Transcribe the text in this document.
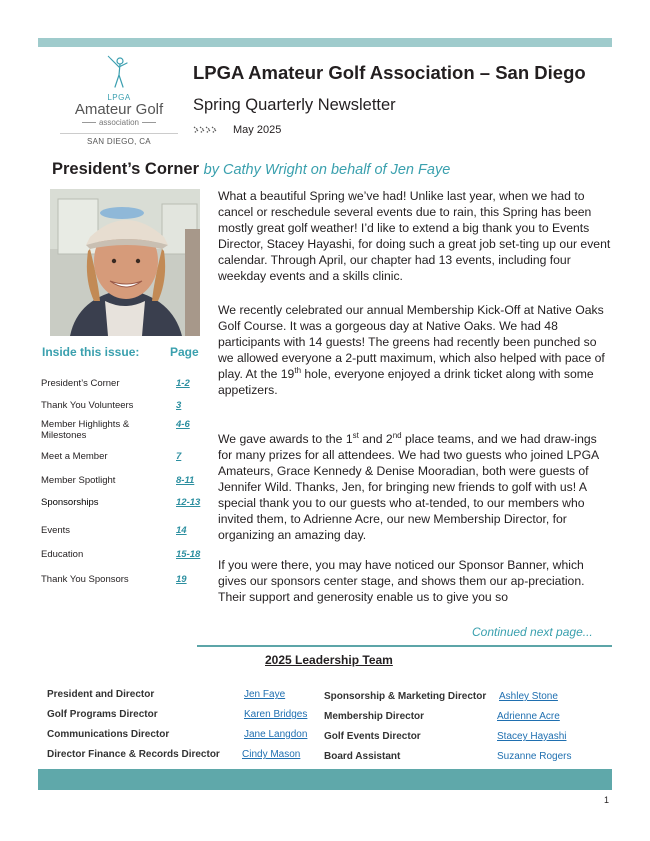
LPGA
Amateur Golf
association
SAN DIEGO, CA
LPGA Amateur Golf Association – San Diego
Spring Quarterly Newsletter
May 2025
President’s Corner by Cathy Wright on behalf of Jen Faye
Inside this issue:	Page
President’s Corner	1-2
Thank You Volunteers	3
Member Highlights & Milestones
4-6
Meet a Member	7
Member Spotlight	8-11
Sponsorships	12-13
Events	14
Education	15-18
Thank You Sponsors	19
What a beautiful Spring we’ve had! Unlike last year, when we had to cancel or reschedule several events due to rain, this Spring has been mostly great golf weather! I’d like to extend a big thank you to Events Director, Stacey Hayashi, for doing such a great job set-ting up our event calendar. Through April, our chapter had 13 events, including four weekday events and a skills clinic.
We recently celebrated our annual Membership Kick-Off at Native Oaks Golf Course. It was a gorgeous day at Native Oaks. We had 48 participants with 14 guests! The greens had recently been punched so we allowed everyone a 2-putt maximum, which also helped with pace of play. At the 19th hole, everyone enjoyed a drink ticket along with some appetizers.
We gave awards to the 1st and 2nd place teams, and we had draw-ings for many prizes for all attendees. We had two guests who joined LPGA Amateurs, Grace Kennedy & Denise Mooradian, both were guests of Jennifer Wild. Thanks, Jen, for bringing new friends to golf with us! A special thank you to our guests who at-tended, to our members who invited them, to Adrienne Acre, our new Membership Director, for organizing an amazing day.
If you were there, you may have noticed our Sponsor Banner, which gives our sponsors center stage, and shows them our ap-preciation. Their support and generosity enable us to give you so
Continued next page...
2025 Leadership Team
President and Director	Jen Faye
Golf Programs Director	Karen Bridges
Communications Director	Jane Langdon
Director Finance & Records Director Cindy Mason
Sponsorship & Marketing Director Ashley Stone
Membership Director	Adrienne Acre
Golf Events Director	Stacey Hayashi
Board Assistant	Suzanne Rogers
1
